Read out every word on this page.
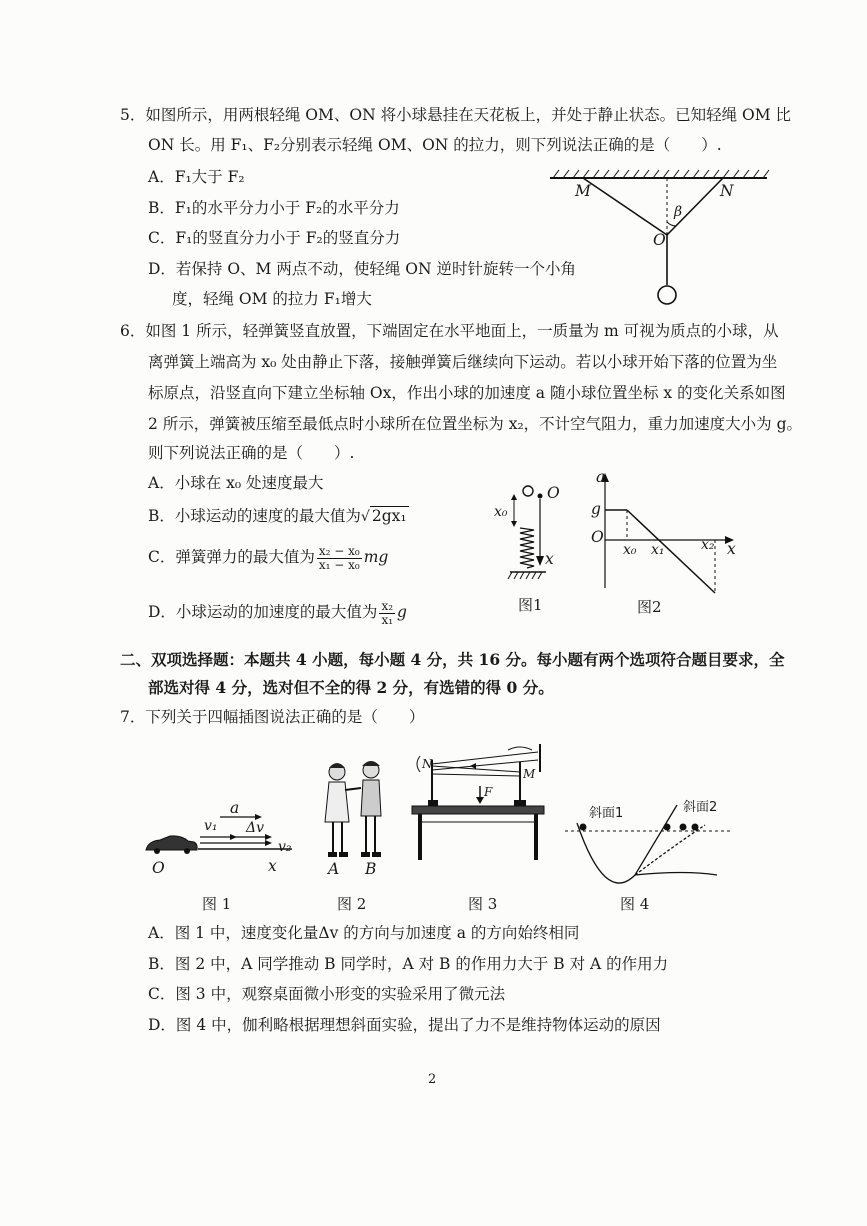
5．如图所示，用两根轻绳 OM、ON 将小球悬挂在天花板上，并处于静止状态。已知轻绳 OM 比
ON 长。用 F₁、F₂分别表示轻绳 OM、ON 的拉力，则下列说法正确的是（　　）.
A．F₁大于 F₂
B．F₁的水平分力小于 F₂的水平分力
C．F₁的竖直分力小于 F₂的竖直分力
D．若保持 O、M 两点不动，使轻绳 ON 逆时针旋转一个小角
度，轻绳 OM 的拉力 F₁增大
M	N
O
β
6．如图 1 所示，轻弹簧竖直放置，下端固定在水平地面上，一质量为 m 可视为质点的小球，从
离弹簧上端高为 x₀ 处由静止下落，接触弹簧后继续向下运动。若以小球开始下落的位置为坐
标原点，沿竖直向下建立坐标轴 Ox，作出小球的加速度 a 随小球位置坐标 x 的变化关系如图
2 所示，弹簧被压缩至最低点时小球所在位置坐标为 x₂，不计空气阻力，重力加速度大小为 g。
则下列说法正确的是（　　）.
A．小球在 x₀ 处速度最大
B．小球运动的速度的最大值为√ 2gx₁
C．弹簧弹力的最大值为 $\frac{\text{x₂ − x₀}}{\text{x₁ − x₀}}$ mg
D．小球运动的加速度的最大值为 $\frac{\text{x₂}}{\text{x₁}}$ g
O
x₀
x
图1
a
g
O
x₀ x₁	x₂ x
图2
二、双项选择题：本题共 4 小题，每小题 4 分，共 16 分。每小题有两个选项符合题目要求，全
部选对得 4 分，选对但不全的得 2 分，有选错的得 0 分。
7．下列关于四幅插图说法正确的是（　　）
a
v₁ Δv
v₂
O	x
图 1
A B
图 2
N
M
F
图 3
斜面1	斜面2
图 4
A．图 1 中，速度变化量Δv 的方向与加速度 a 的方向始终相同
B．图 2 中，A 同学推动 B 同学时，A 对 B 的作用力大于 B 对 A 的作用力
C．图 3 中，观察桌面微小形变的实验采用了微元法
D．图 4 中，伽利略根据理想斜面实验，提出了力不是维持物体运动的原因
2
